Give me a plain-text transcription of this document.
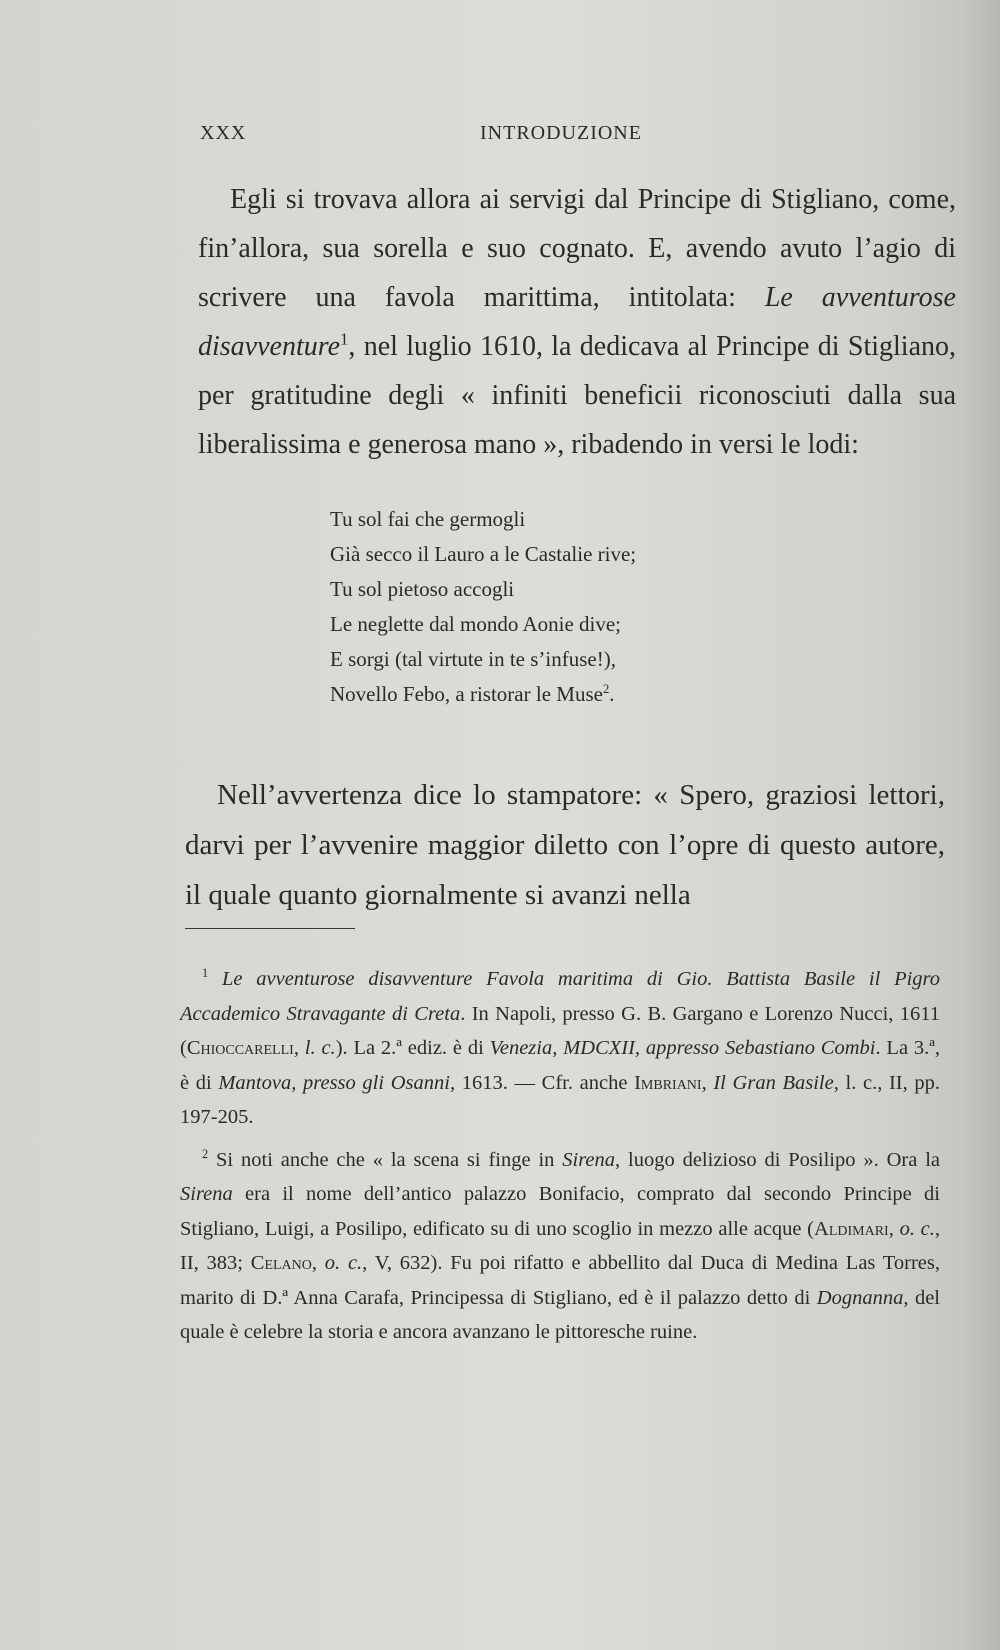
XXX	INTRODUZIONE

Egli si trovava allora ai servigi dal Principe di Stigliano, come, fin’allora, sua sorella e suo cognato. E, avendo avuto l’agio di scrivere una favola marittima, intitolata: Le avventurose disavventure$^1$, nel luglio 1610, la dedicava al Principe di Stigliano, per gratitudine degli « infiniti beneficii riconosciuti dalla sua liberalissima e generosa mano », ribadendo in versi le lodi:

Tu sol fai che germogli
Già secco il Lauro a le Castalie rive;
Tu sol pietoso accogli
Le neglette dal mondo Aonie dive;
E sorgi (tal virtute in te s’infuse!),
Novello Febo, a ristorar le Muse$^2$.

Nell’avvertenza dice lo stampatore: « Spero, graziosi lettori, darvi per l’avvenire maggior diletto con l’opre di questo autore, il quale quanto giornalmente si avanzi nella

$^1$ Le avventurose disavventure Favola maritima di Gio. Battista Basile il Pigro Accademico Stravagante di Creta. In Napoli, presso G. B. Gargano e Lorenzo Nucci, 1611 (Chioccarelli, l. c.). La 2.ª ediz. è di Venezia, MDCXII, appresso Sebastiano Combi. La 3.ª, è di Mantova, presso gli Osanni, 1613. — Cfr. anche Imbriani, Il Gran Basile, l. c., II, pp. 197-205.

$^2$ Si noti anche che « la scena si finge in Sirena, luogo delizioso di Posilipo ». Ora la Sirena era il nome dell’antico palazzo Bonifacio, comprato dal secondo Principe di Stigliano, Luigi, a Posilipo, edificato su di uno scoglio in mezzo alle acque (Aldimari, o. c., II, 383; Celano, o. c., V, 632). Fu poi rifatto e abbellito dal Duca di Medina Las Torres, marito di D.ª Anna Carafa, Principessa di Stigliano, ed è il palazzo detto di Dognanna, del quale è celebre la storia e ancora avanzano le pittoresche ruine.
